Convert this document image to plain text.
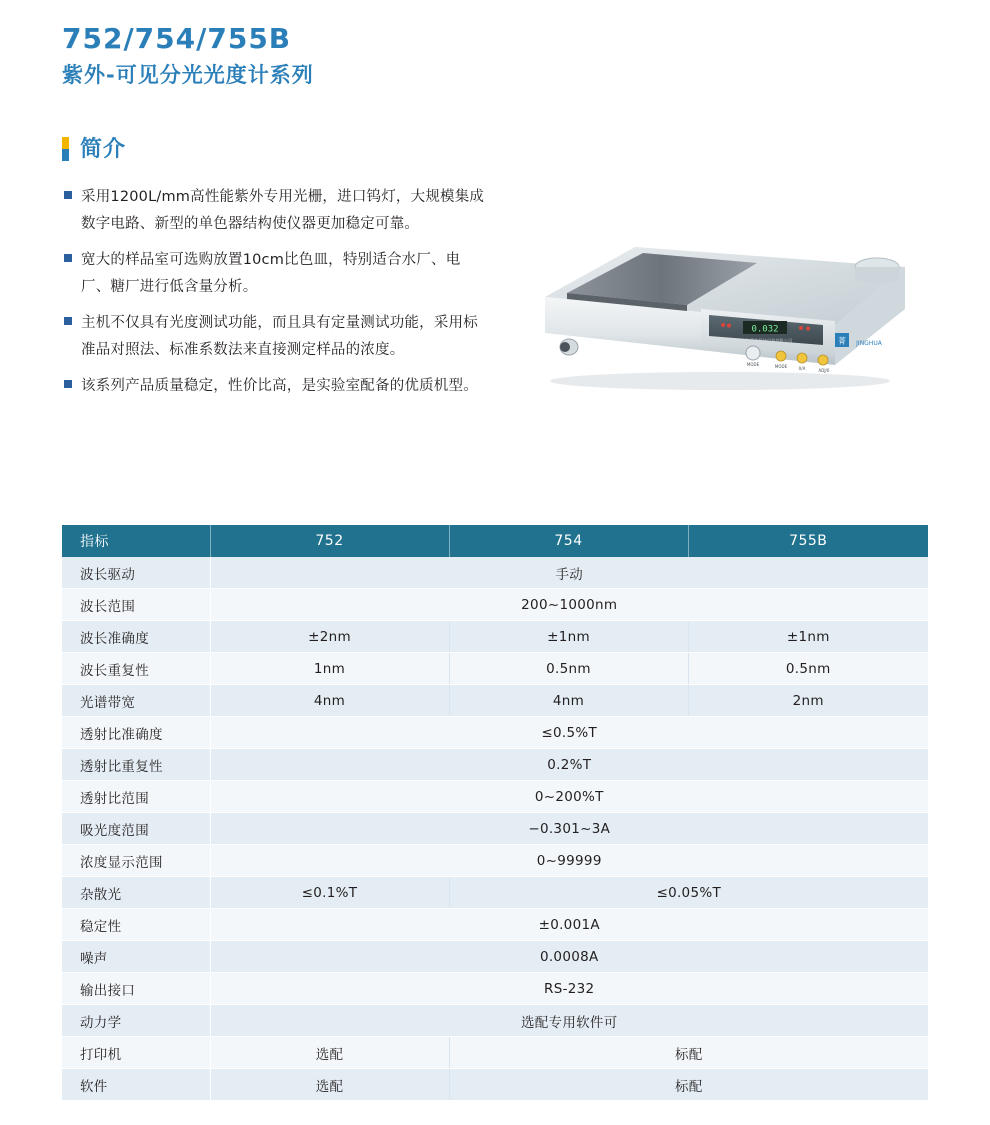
752/754/755B
紫外-可见分光光度计系列
简介
采用1200L/mm高性能紫外专用光栅，进口钨灯，大规模集成数字电路、新型的单色器结构使仪器更加稳定可靠。
宽大的样品室可选购放置10cm比色皿，特别适合水厂、电厂、糖厂进行低含量分析。
主机不仅具有光度测试功能，而且具有定量测试功能，采用标准品对照法、标准系数法来直接测定样品的浓度。
该系列产品质量稳定，性价比高，是实验室配备的优质机型。
0.032
上海菁华科技仪器有限公司
MODE	MODE	0/A	ADJ/0
菁 JINGHUA
指标	752	754	755B
波长驱动	手动		
波长范围	200~1000nm		
波长准确度	±2nm	±1nm	±1nm
波长重复性	1nm	0.5nm	0.5nm
光谱带宽	4nm	4nm	2nm
透射比准确度	≤0.5%T		
透射比重复性	0.2%T		
透射比范围	0~200%T		
吸光度范围	−0.301~3A		
浓度显示范围	0~99999		
杂散光	≤0.1%T	≤0.05%T	
稳定性	±0.001A		
噪声	0.0008A		
输出接口	RS-232		
动力学	选配专用软件可		
打印机	选配	标配	
软件	选配	标配	
